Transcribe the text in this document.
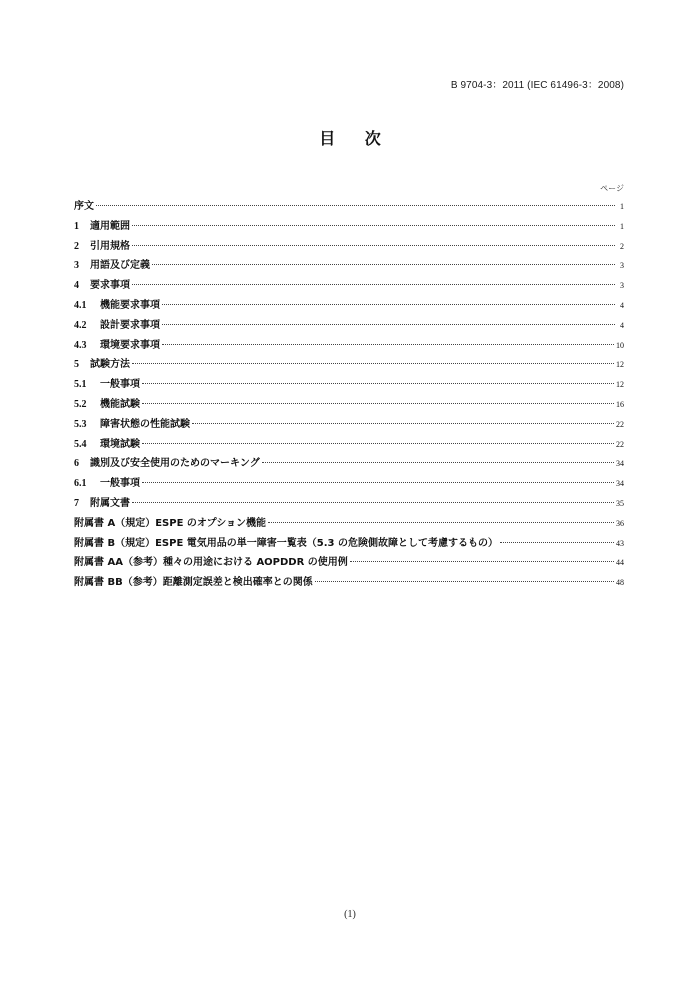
B 9704-3：2011 (IEC 61496-3：2008)
目 次
ページ
序文	1
1	適用範囲	1
2	引用規格	2
3	用語及び定義	3
4	要求事項	3
4.1	機能要求事項	4
4.2	設計要求事項	4
4.3	環境要求事項	10
5	試験方法	12
5.1	一般事項	12
5.2	機能試験	16
5.3	障害状態の性能試験	22
5.4	環境試験	22
6	識別及び安全使用のためのマーキング	34
6.1	一般事項	34
7	附属文書	35
附属書 A（規定）ESPE のオプション機能	36
附属書 B（規定）ESPE 電気用品の単一障害一覧表（5.3 の危険側故障として考慮するもの）	43
附属書 AA（参考）種々の用途における AOPDDR の使用例	44
附属書 BB（参考）距離測定誤差と検出確率との関係	48
(1)
